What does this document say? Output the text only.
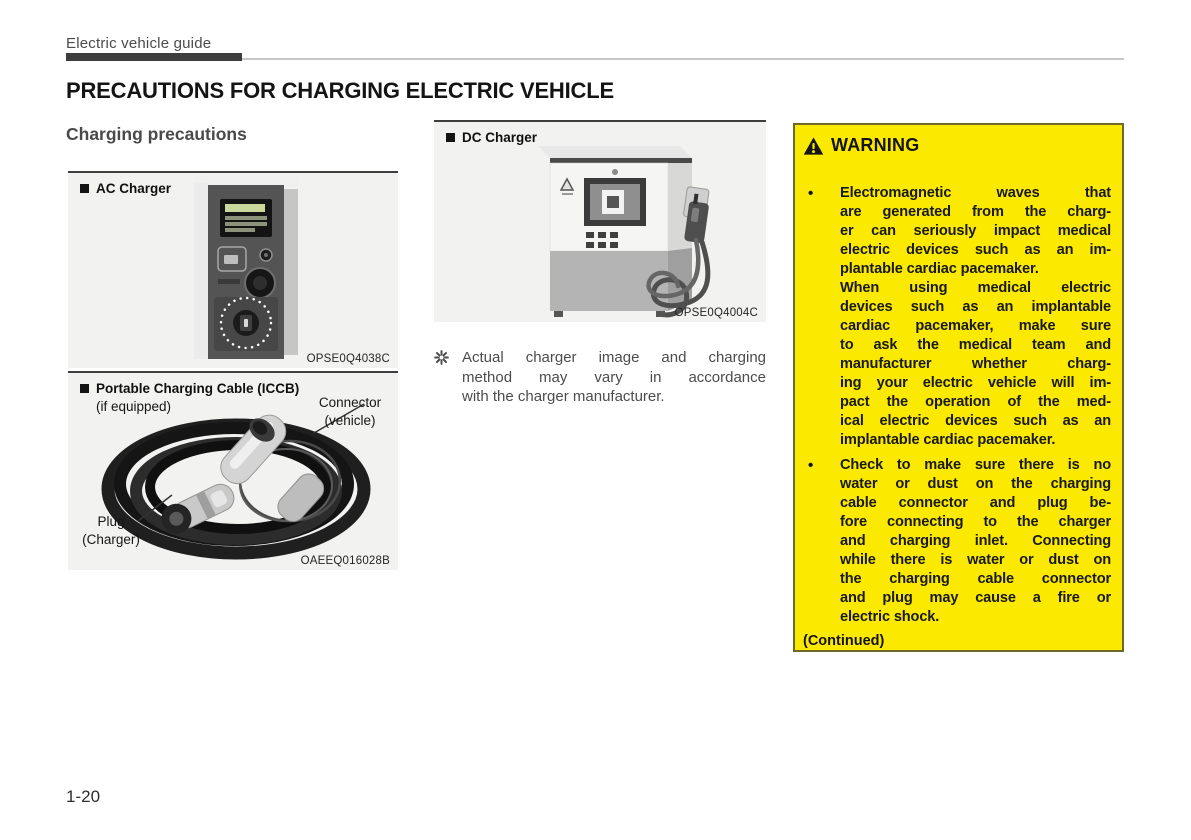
Electric vehicle guide
PRECAUTIONS FOR CHARGING ELECTRIC VEHICLE
Charging precautions
AC Charger
OPSE0Q4038C
Portable Charging Cable (ICCB)
(if equipped)	Connector
(vehicle)
Plug
(Charger)
OAEEQ016028B
DC Charger
OPSE0Q4004C
Actual charger image and charging
method may vary in accordance
with the charger manufacturer.
WARNING
•	Electromagnetic waves that
are generated from the charg-
er can seriously impact medical
electric devices such as an im-
plantable cardiac pacemaker.
When using medical electric
devices such as an implantable
cardiac pacemaker, make sure
to ask the medical team and
manufacturer whether charg-
ing your electric vehicle will im-
pact the operation of the med-
ical electric devices such as an
implantable cardiac pacemaker.
•	Check to make sure there is no
water or dust on the charging
cable connector and plug be-
fore connecting to the charger
and charging inlet. Connecting
while there is water or dust on
the charging cable connector
and plug may cause a fire or
electric shock.
(Continued)
1-20
